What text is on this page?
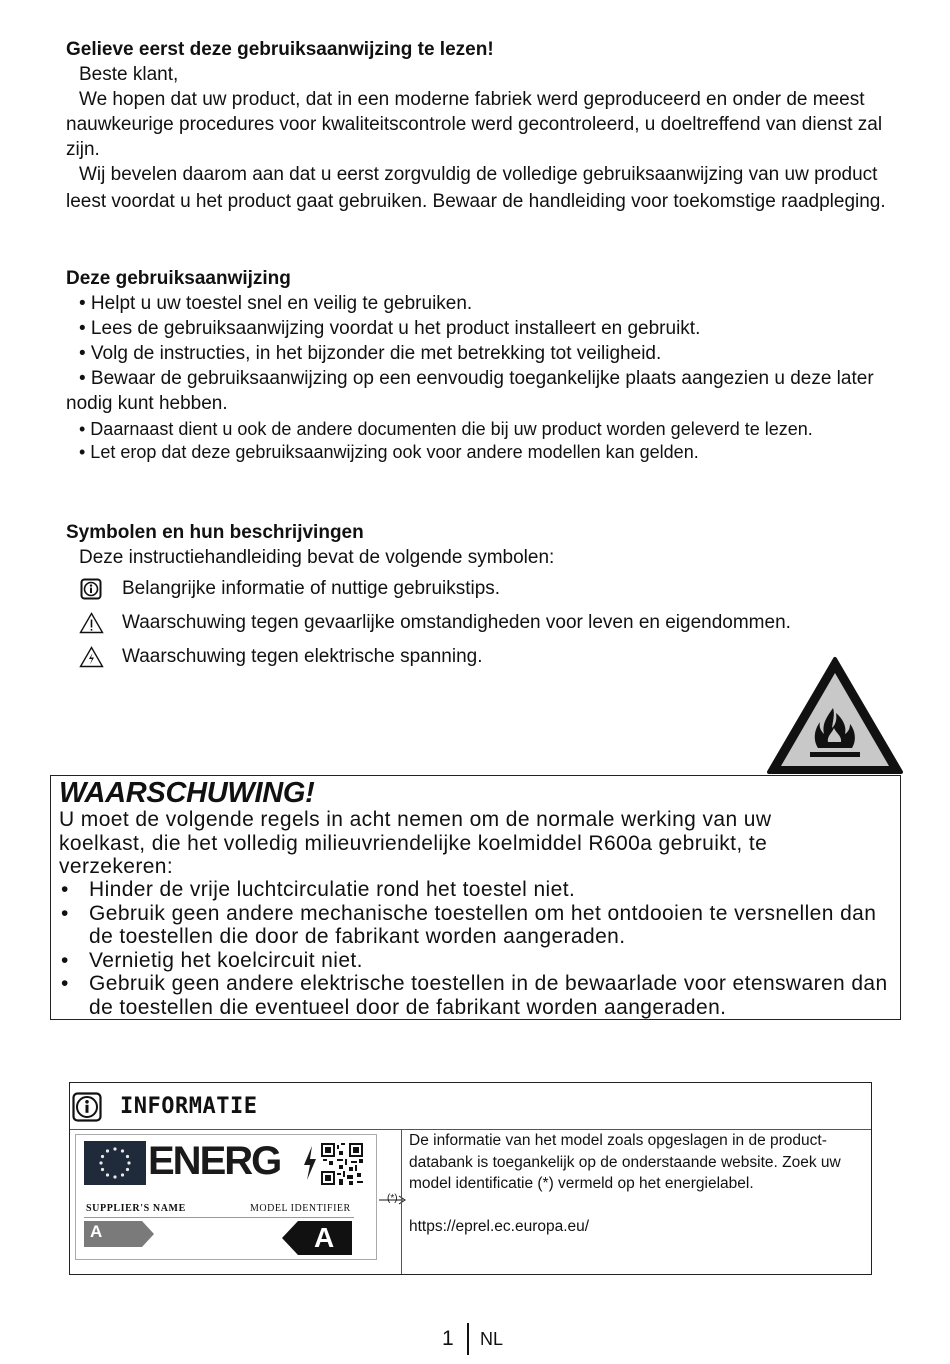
Gelieve eerst deze gebruiksaanwijzing te lezen!

Beste klant,

We hopen dat uw product, dat in een moderne fabriek werd geproduceerd en onder de meest nauwkeurige procedures voor kwaliteitscontrole werd gecontroleerd, u doeltreffend van dienst zal zijn.

Wij bevelen daarom aan dat u eerst zorgvuldig de volledige gebruiksaanwijzing van uw product leest voordat u het product gaat gebruiken. Bewaar de handleiding voor toekomstige raadpleging.

Deze gebruiksaanwijzing

• Helpt u uw toestel snel en veilig te gebruiken.

• Lees de gebruiksaanwijzing voordat u het product installeert en gebruikt.

• Volg de instructies, in het bijzonder die met betrekking tot veiligheid.

• Bewaar de gebruiksaanwijzing op een eenvoudig toegankelijke plaats aangezien u deze later nodig kunt hebben.

• Daarnaast dient u ook de andere documenten die bij uw product worden geleverd te lezen.

• Let erop dat deze gebruiksaanwijzing ook voor andere modellen kan gelden.

Symbolen en hun beschrijvingen

Deze instructiehandleiding bevat de volgende symbolen:

Belangrijke informatie of nuttige gebruikstips.
Waarschuwing tegen gevaarlijke omstandigheden voor leven en eigendommen.
Waarschuwing tegen elektrische spanning.
WAARSCHUWING!
U moet de volgende regels in acht nemen om de normale werking van uw koelkast, die het volledig milieuvriendelijke koelmiddel R600a gebruikt, te verzekeren:
• Hinder de vrije luchtcirculatie rond het toestel niet.
• Gebruik geen andere mechanische toestellen om het ontdooien te versnellen dan de toestellen die door de fabrikant worden aangeraden.
• Vernietig het koelcircuit niet.
• Gebruik geen andere elektrische toestellen in de bewaarlade voor etenswaren dan de toestellen die eventueel door de fabrikant worden aangeraden.
INFORMATIE
ENERG
SUPPLIER'S NAME	MODEL IDENTIFIER
A	A
(*)
De informatie van het model zoals opgeslagen in de product-databank is toegankelijk op de onderstaande website. Zoek uw model identificatie (*) vermeld op het energielabel.
https://eprel.ec.europa.eu/
1 NL
